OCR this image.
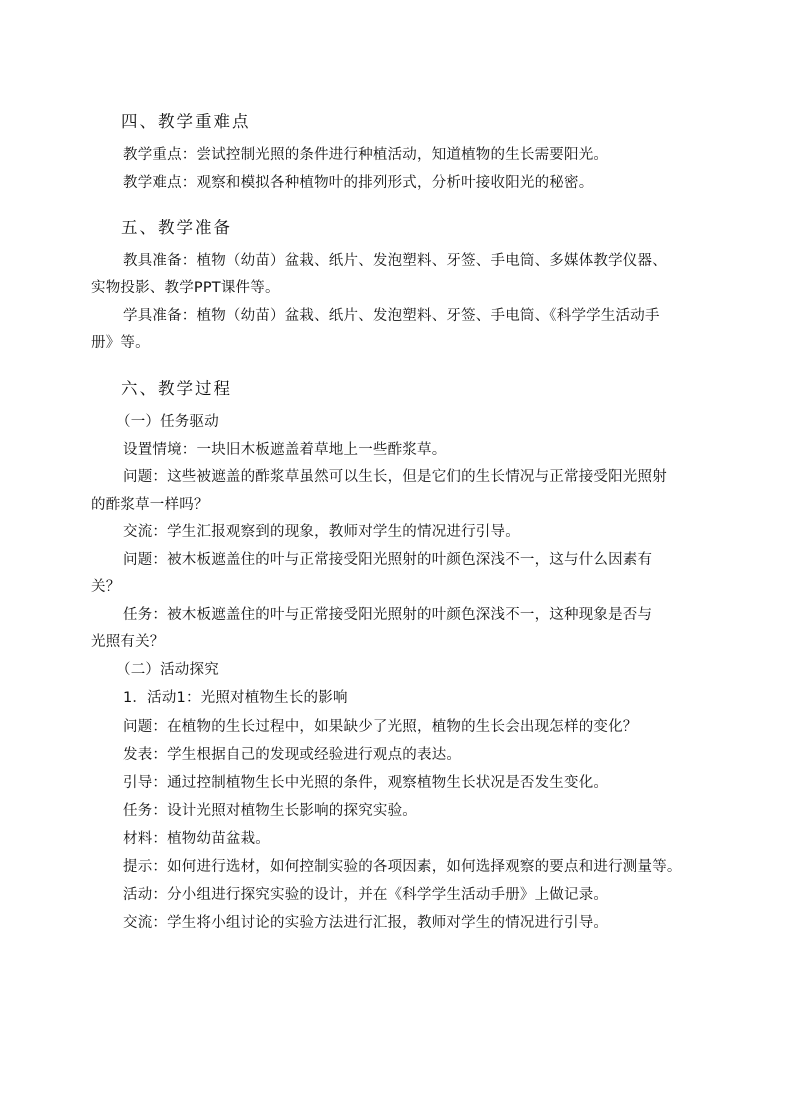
四、教学重难点
教学重点：尝试控制光照的条件进行种植活动，知道植物的生长需要阳光。
教学难点：观察和模拟各种植物叶的排列形式，分析叶接收阳光的秘密。
五、教学准备
教具准备：植物（幼苗）盆栽、纸片、发泡塑料、牙签、手电筒、多媒体教学仪器、
实物投影、教学PPT课件等。
学具准备：植物（幼苗）盆栽、纸片、发泡塑料、牙签、手电筒、《科学学生活动手
册》等。
六、教学过程
（一）任务驱动
设置情境：一块旧木板遮盖着草地上一些酢浆草。
问题：这些被遮盖的酢浆草虽然可以生长，但是它们的生长情况与正常接受阳光照射
的酢浆草一样吗？
交流：学生汇报观察到的现象，教师对学生的情况进行引导。
问题：被木板遮盖住的叶与正常接受阳光照射的叶颜色深浅不一，这与什么因素有
关？
任务：被木板遮盖住的叶与正常接受阳光照射的叶颜色深浅不一，这种现象是否与
光照有关？
（二）活动探究
1．活动1：光照对植物生长的影响
问题：在植物的生长过程中，如果缺少了光照，植物的生长会出现怎样的变化？
发表：学生根据自己的发现或经验进行观点的表达。
引导：通过控制植物生长中光照的条件，观察植物生长状况是否发生变化。
任务：设计光照对植物生长影响的探究实验。
材料：植物幼苗盆栽。
提示：如何进行选材，如何控制实验的各项因素，如何选择观察的要点和进行测量等。
活动：分小组进行探究实验的设计，并在《科学学生活动手册》上做记录。
交流：学生将小组讨论的实验方法进行汇报，教师对学生的情况进行引导。
